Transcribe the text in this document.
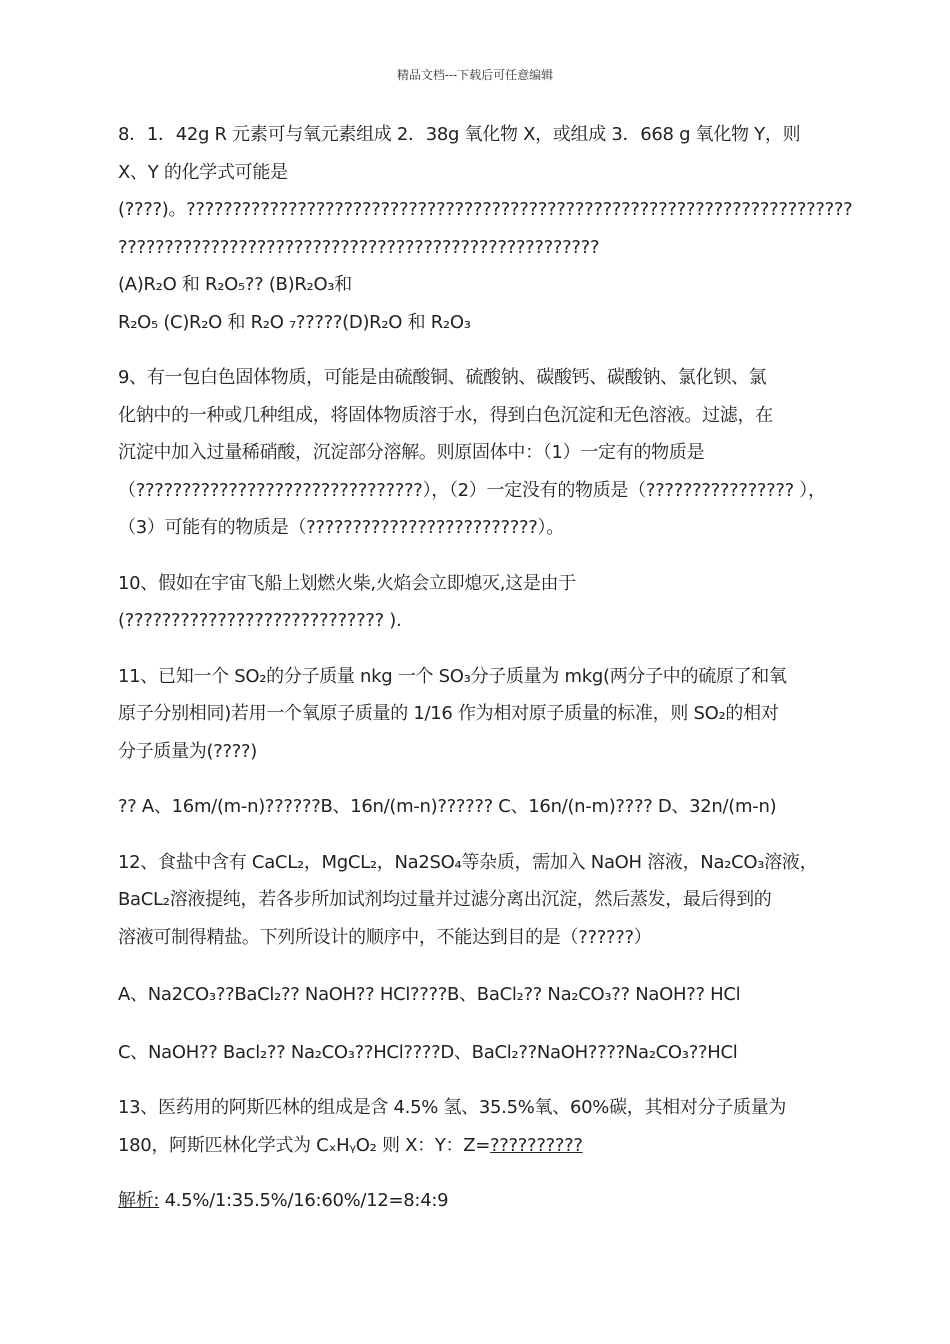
精品文档---下载后可任意编辑

8．1．42g R 元素可与氧元素组成 2．38g 氧化物 X，或组成 3．668 g 氧化物 Y，则

X、Y 的化学式可能是

(????)。????????????????????????????????????????????????????????????????????????

????????????????????????????????????????????????????

(A)R₂O 和 R₂O₅?? (B)R₂O₃和

R₂O₅ (C)R₂O 和 R₂O ₇?????(D)R₂O 和 R₂O₃

9、有一包白色固体物质，可能是由硫酸铜、硫酸钠、碳酸钙、碳酸钠、氯化钡、氯

化钠中的一种或几种组成，将固体物质溶于水，得到白色沉淀和无色溶液。过滤，在

沉淀中加入过量稀硝酸，沉淀部分溶解。则原固体中：（1）一定有的物质是

（???????????????????????????????），（2）一定没有的物质是（???????????????? ），

（3）可能有的物质是（?????????????????????????）。

10、假如在宇宙飞船上划燃火柴,火焰会立即熄灭,这是由于

(???????????????????????????? ).

11、已知一个 SO₂的分子质量 nkg 一个 SO₃分子质量为 mkg(两分子中的硫原了和氧

原子分别相同)若用一个氧原子质量的 1/16 作为相对原子质量的标准，则 SO₂的相对

分子质量为(????)

?? A、16m/(m-n)??????B、16n/(m-n)?????? C、16n/(n-m)???? D、32n/(m-n)

12、食盐中含有 CaCL₂，MgCL₂，Na2SO₄等杂质，需加入 NaOH 溶液，Na₂CO₃溶液，

BaCL₂溶液提纯，若各步所加试剂均过量并过滤分离出沉淀，然后蒸发，最后得到的

溶液可制得精盐。下列所设计的顺序中，不能达到目的是（??????）

A、Na2CO₃??BaCl₂?? NaOH?? HCl????B、BaCl₂?? Na₂CO₃?? NaOH?? HCl

C、NaOH?? Bacl₂?? Na₂CO₃??HCl????D、BaCl₂??NaOH????Na₂CO₃??HCl

13、医药用的阿斯匹林的组成是含 4.5% 氢、35.5%氧、60%碳，其相对分子质量为

180，阿斯匹林化学式为 CₓHᵧO₂ 则 X：Y：Z=??????????

解析: 4.5%/1:35.5%/16:60%/12=8:4:9
